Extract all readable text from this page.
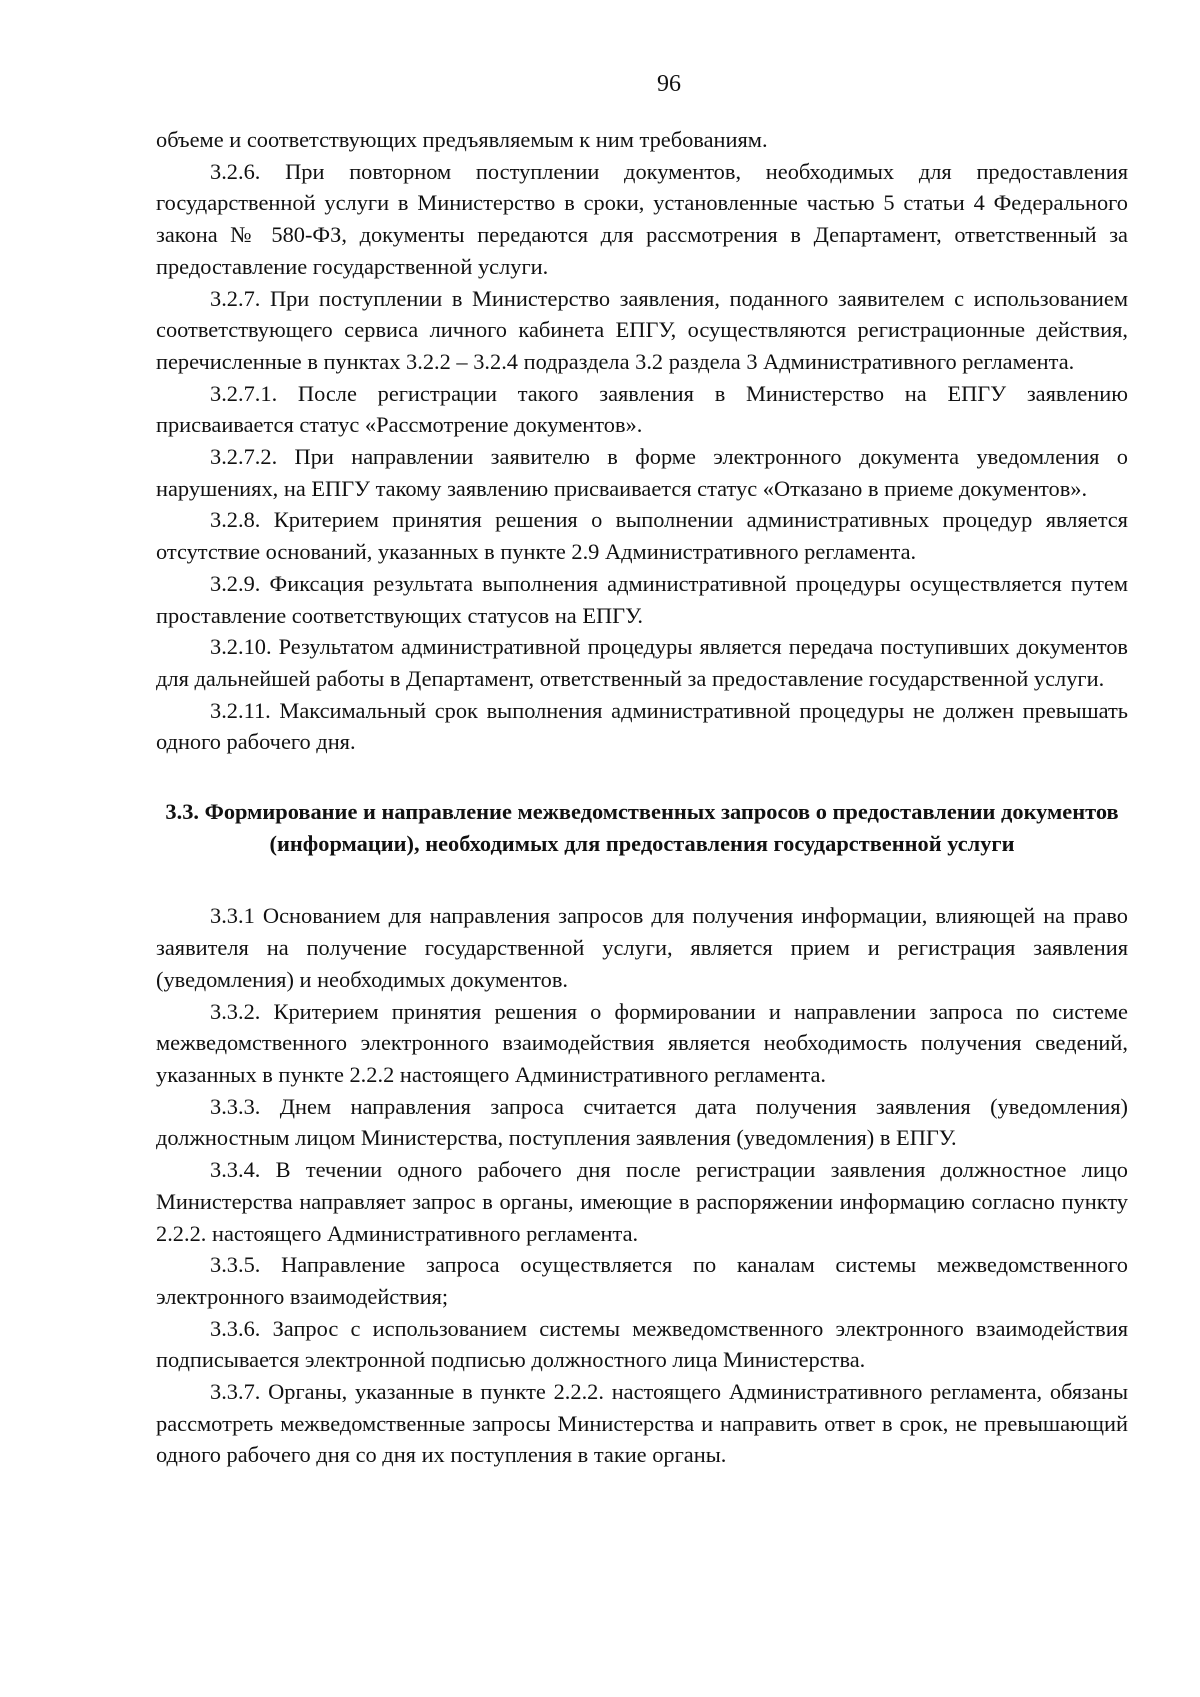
96

объеме и соответствующих предъявляемым к ним требованиям.

3.2.6. При повторном поступлении документов, необходимых для предоставления государственной услуги в Министерство в сроки, установленные частью 5 статьи 4 Федерального закона № 580-ФЗ, документы передаются для рассмотрения в Департамент, ответственный за предоставление государственной услуги.

3.2.7. При поступлении в Министерство заявления, поданного заявителем с использованием соответствующего сервиса личного кабинета ЕПГУ, осуществляются регистрационные действия, перечисленные в пунктах 3.2.2 – 3.2.4 подраздела 3.2 раздела 3 Административного регламента.

3.2.7.1. После регистрации такого заявления в Министерство на ЕПГУ заявлению присваивается статус «Рассмотрение документов».

3.2.7.2. При направлении заявителю в форме электронного документа уведомления о нарушениях, на ЕПГУ такому заявлению присваивается статус «Отказано в приеме документов».

3.2.8. Критерием принятия решения о выполнении административных процедур является отсутствие оснований, указанных в пункте 2.9 Административного регламента.

3.2.9. Фиксация результата выполнения административной процедуры осуществляется путем проставление соответствующих статусов на ЕПГУ.

3.2.10. Результатом административной процедуры является передача поступивших документов для дальнейшей работы в Департамент, ответственный за предоставление государственной услуги.

3.2.11. Максимальный срок выполнения административной процедуры не должен превышать одного рабочего дня.

3.3. Формирование и направление межведомственных запросов о предоставлении документов (информации), необходимых для предоставления государственной услуги

3.3.1 Основанием для направления запросов для получения информации, влияющей на право заявителя на получение государственной услуги, является прием и регистрация заявления (уведомления) и необходимых документов.

3.3.2. Критерием принятия решения о формировании и направлении запроса по системе межведомственного электронного взаимодействия является необходимость получения сведений, указанных в пункте 2.2.2 настоящего Административного регламента.

3.3.3. Днем направления запроса считается дата получения заявления (уведомления) должностным лицом Министерства, поступления заявления (уведомления) в ЕПГУ.

3.3.4. В течении одного рабочего дня после регистрации заявления должностное лицо Министерства направляет запрос в органы, имеющие в распоряжении информацию согласно пункту 2.2.2. настоящего Административного регламента.

3.3.5. Направление запроса осуществляется по каналам системы межведомственного электронного взаимодействия;

3.3.6. Запрос с использованием системы межведомственного электронного взаимодействия подписывается электронной подписью должностного лица Министерства.

3.3.7. Органы, указанные в пункте 2.2.2. настоящего Административного регламента, обязаны рассмотреть межведомственные запросы Министерства и направить ответ в срок, не превышающий одного рабочего дня со дня их поступления в такие органы.
